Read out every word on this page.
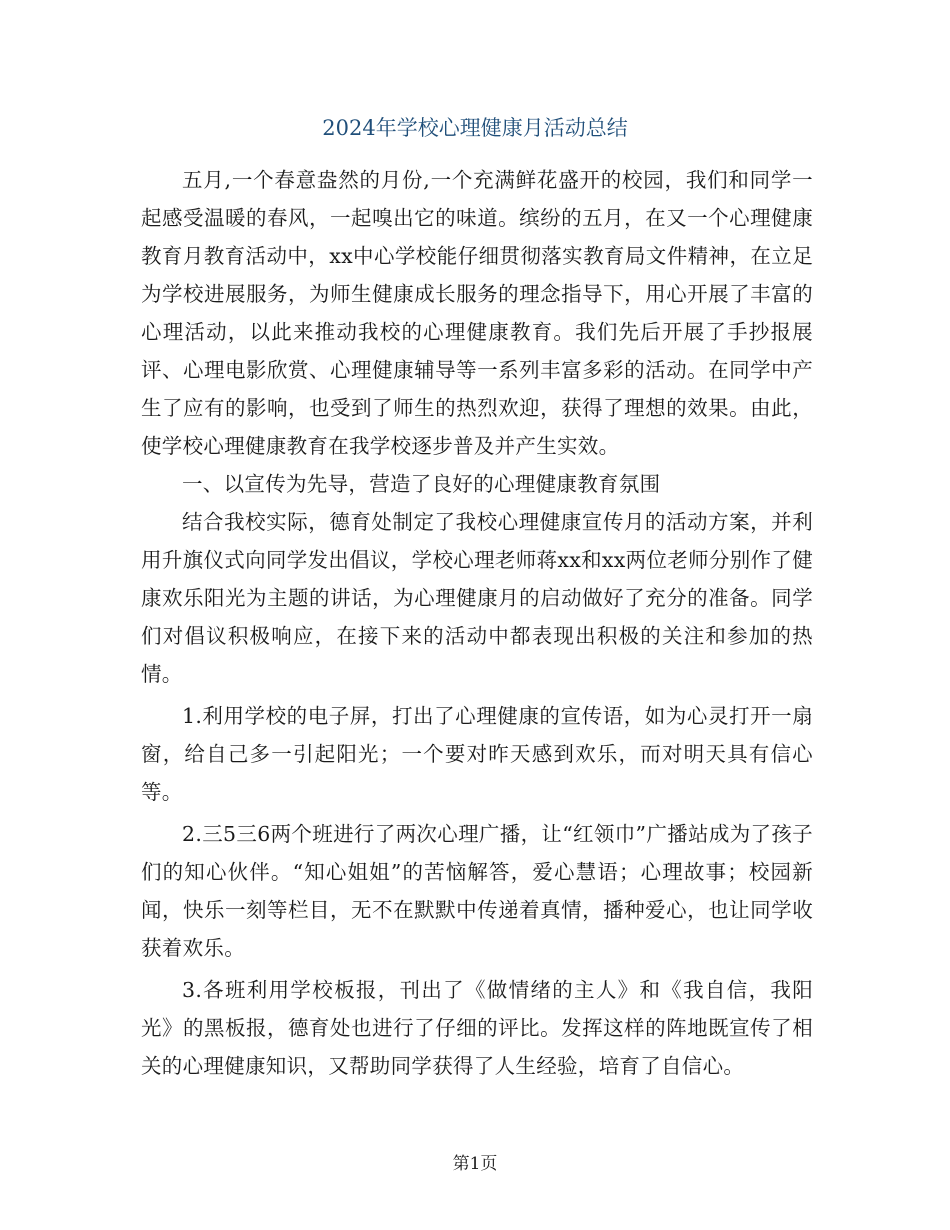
2024年学校心理健康月活动总结

五月,一个春意盎然的月份,一个充满鲜花盛开的校园，我们和同学一起感受温暖的春风，一起嗅出它的味道。缤纷的五月，在又一个心理健康教育月教育活动中，xx中心学校能仔细贯彻落实教育局文件精神，在立足为学校进展服务，为师生健康成长服务的理念指导下，用心开展了丰富的心理活动，以此来推动我校的心理健康教育。我们先后开展了手抄报展评、心理电影欣赏、心理健康辅导等一系列丰富多彩的活动。在同学中产生了应有的影响，也受到了师生的热烈欢迎，获得了理想的效果。由此，使学校心理健康教育在我学校逐步普及并产生实效。

一、以宣传为先导，营造了良好的心理健康教育氛围

结合我校实际，德育处制定了我校心理健康宣传月的活动方案，并利用升旗仪式向同学发出倡议，学校心理老师蒋xx和xx两位老师分别作了健康欢乐阳光为主题的讲话，为心理健康月的启动做好了充分的准备。同学们对倡议积极响应，在接下来的活动中都表现出积极的关注和参加的热情。

1.利用学校的电子屏，打出了心理健康的宣传语，如为心灵打开一扇窗，给自己多一引起阳光；一个要对昨天感到欢乐，而对明天具有信心等。

2.三5三6两个班进行了两次心理广播，让“红领巾”广播站成为了孩子们的知心伙伴。“知心姐姐”的苦恼解答，爱心慧语；心理故事；校园新闻，快乐一刻等栏目，无不在默默中传递着真情，播种爱心，也让同学收获着欢乐。

3.各班利用学校板报，刊出了《做情绪的主人》和《我自信，我阳光》的黑板报，德育处也进行了仔细的评比。发挥这样的阵地既宣传了相关的心理健康知识，又帮助同学获得了人生经验，培育了自信心。

第1页
